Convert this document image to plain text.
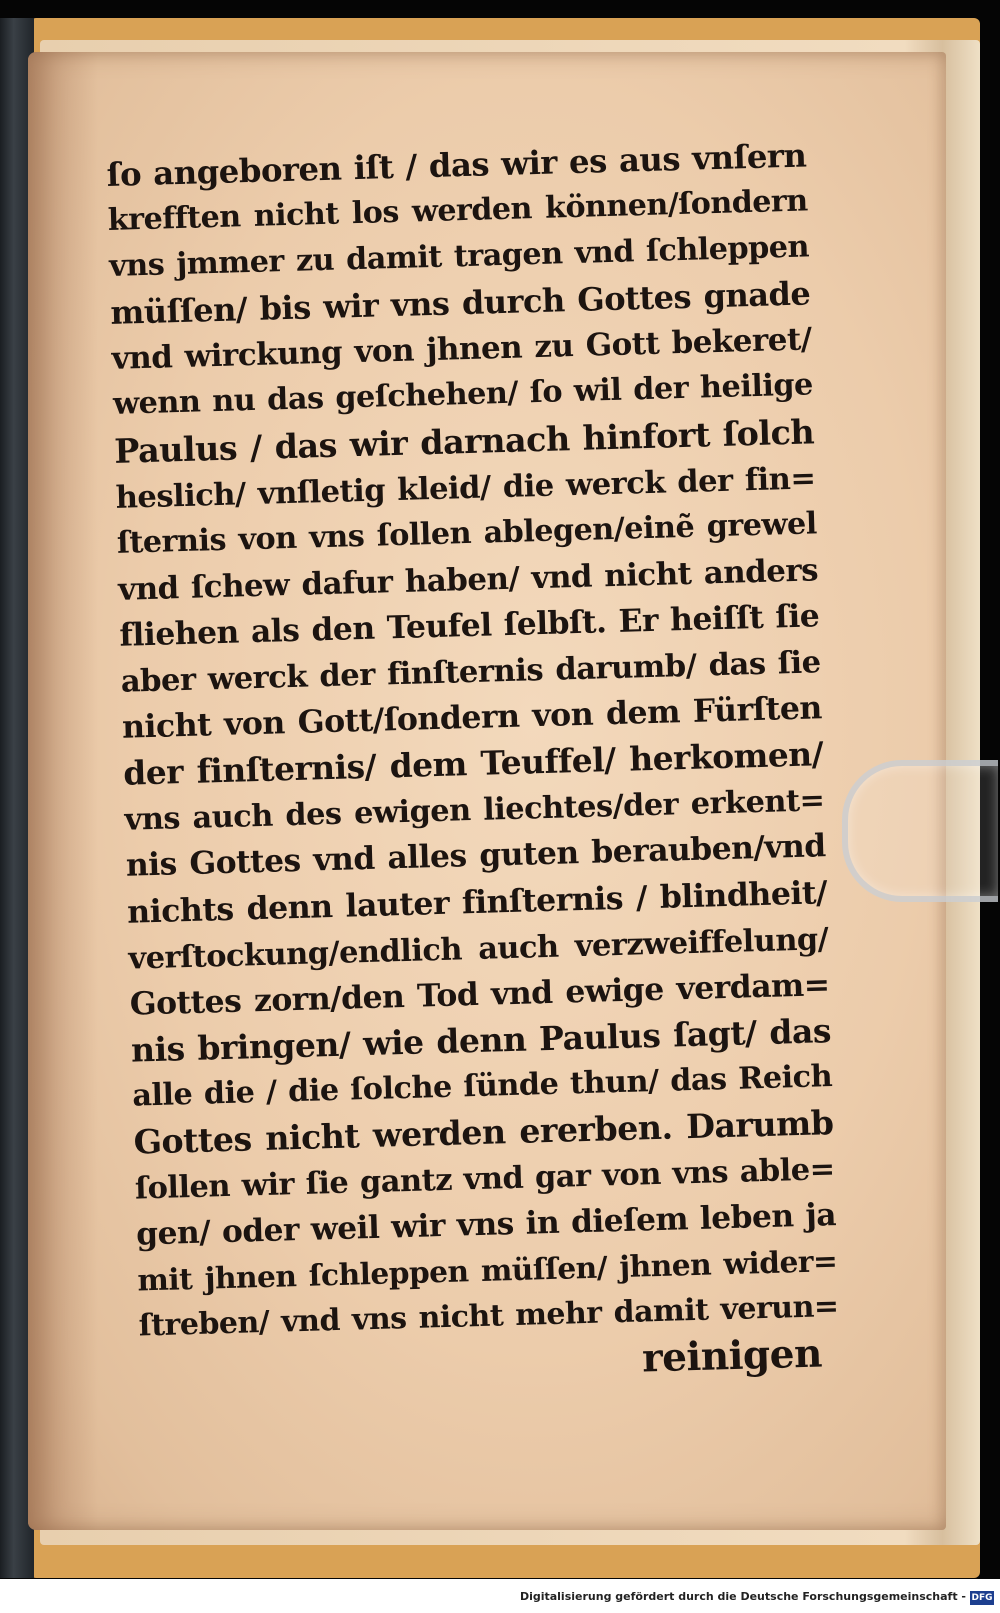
ſo angeboren iſt / das wir es aus vnſern
krefften nicht los werden können/ſondern
vns jmmer zu damit tragen vnd ſchleppen
müſſen/ bis wir vns durch Gottes gnade
vnd wirckung von jhnen zu Gott bekeret/
wenn nu das geſchehen/ ſo wil der heilige
Paulus / das wir darnach hinfort ſolch
heslich/ vnſletig kleid/ die werck der fin=
ſternis von vns ſollen ablegen/einẽ grewel
vnd ſchew dafur haben/ vnd nicht anders
fliehen als den Teufel ſelbſt. Er heiſſt ſie
aber werck der finſternis darumb/ das ſie
nicht von Gott/ſondern von dem Fürſten
der finſternis/ dem Teuffel/ herkomen/
vns auch des ewigen liechtes/der erkent=
nis Gottes vnd alles guten berauben/vnd
nichts denn lauter finſternis / blindheit/
verſtockung/endlich auch verzweiffelung/
Gottes zorn/den Tod vnd ewige verdam=
nis bringen/ wie denn Paulus ſagt/ das
alle die / die ſolche ſünde thun/ das Reich
Gottes nicht werden ererben. Darumb
ſollen wir ſie gantz vnd gar von vns able=
gen/ oder weil wir vns in dieſem leben ja
mit jhnen ſchleppen müſſen/ jhnen wider=
ſtreben/ vnd vns nicht mehr damit verun=
reinigen
Digitalisierung gefördert durch die Deutsche Forschungsgemeinschaft - DFG
